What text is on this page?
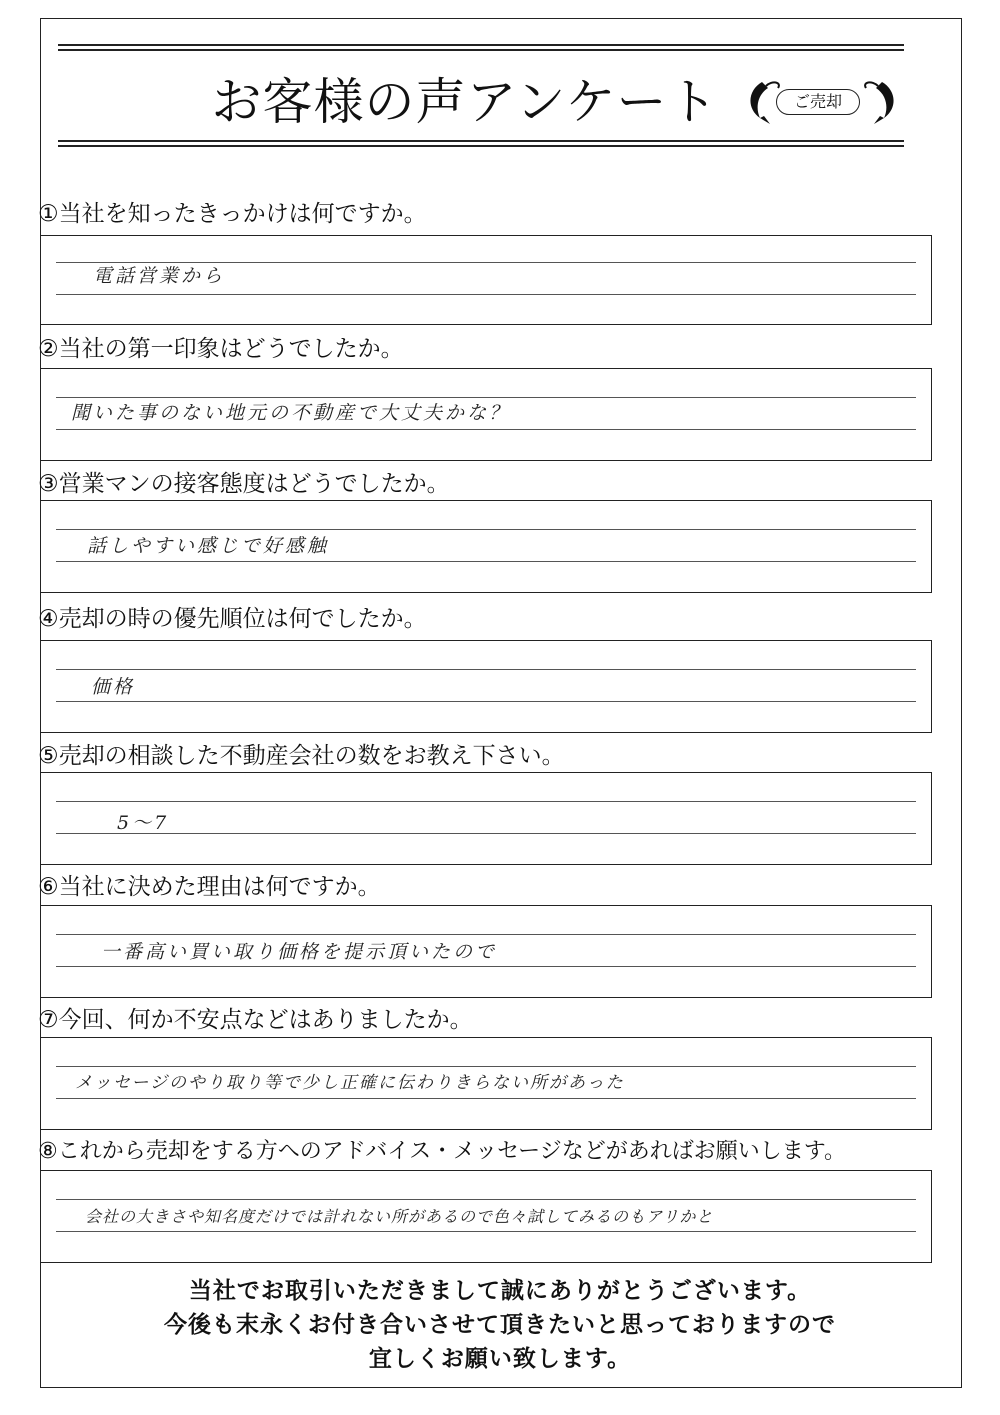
お客様の声アンケート	ご売却
①当社を知ったきっかけは何ですか。
電話営業から
②当社の第一印象はどうでしたか。
聞いた事のない地元の不動産で大丈夫かな？
③営業マンの接客態度はどうでしたか。
話しやすい感じで好感触
④売却の時の優先順位は何でしたか。
価格
⑤売却の相談した不動産会社の数をお教え下さい。
5～7
⑥当社に決めた理由は何ですか。
一番高い買い取り価格を提示頂いたので
⑦今回、何か不安点などはありましたか。
メッセージのやり取り等で少し正確に伝わりきらない所があった
⑧これから売却をする方へのアドバイス・メッセージなどがあればお願いします。
会社の大きさや知名度だけでは計れない所があるので色々試してみるのもアリかと

当社でお取引いただきまして誠にありがとうございます。

今後も末永くお付き合いさせて頂きたいと思っておりますので

宜しくお願い致します。
